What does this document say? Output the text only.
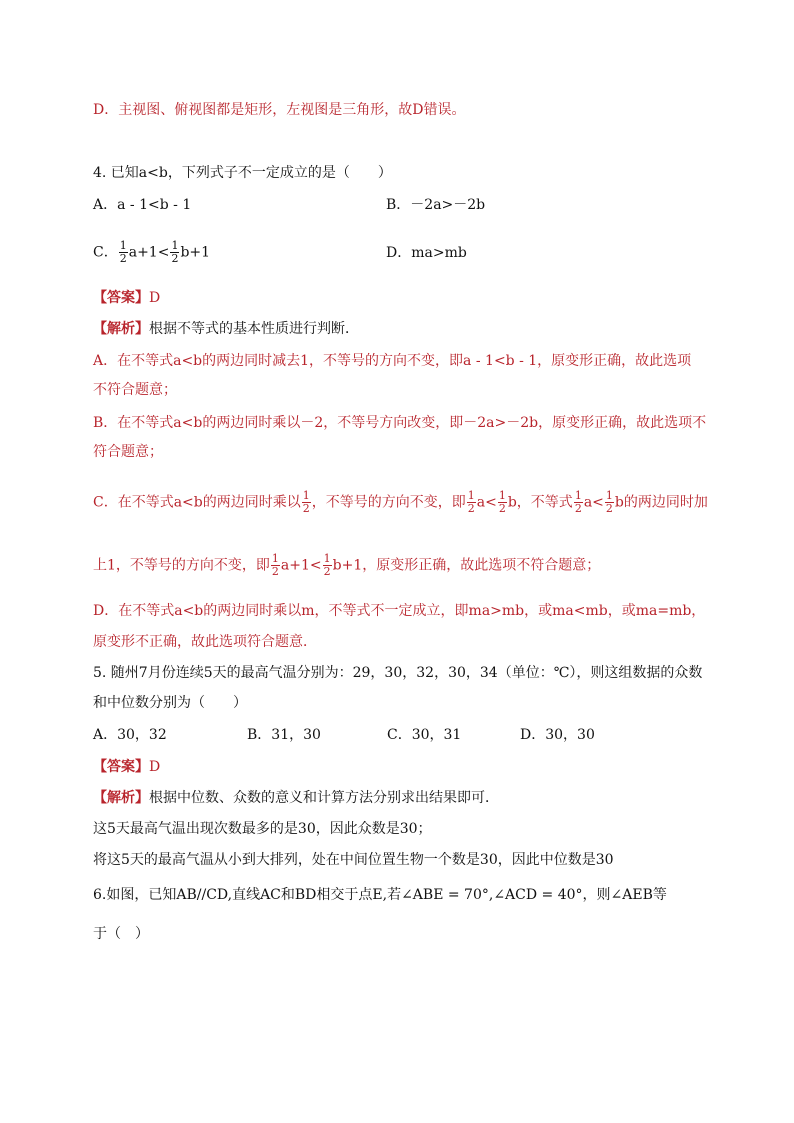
D．主视图、俯视图都是矩形，左视图是三角形，故D错误。
4. 已知a<b，下列式子不一定成立的是（　　）
A．a - 1<b - 1	B．－2a>－2b
C． $\frac{1}{2} a+1< \frac{1}{2} b+1$	D．ma>mb
【答案】D
【解析】根据不等式的基本性质进行判断．
A．在不等式a<b的两边同时减去1，不等号的方向不变，即a - 1<b - 1，原变形正确，故此选项
不符合题意；
B．在不等式a<b的两边同时乘以－2，不等号方向改变，即－2a>－2b，原变形正确，故此选项不
符合题意；
C．在不等式a<b的两边同时乘以 $\frac{1}{2}$ ，不等号的方向不变，即 $\frac{1}{2} a< \frac{1}{2}$ b，不等式 $\frac{1}{2} a< \frac{1}{2}$ b的两边同时加
上1，不等号的方向不变，即 $\frac{1}{2} a+1< \frac{1}{2} b+1$，原变形正确，故此选项不符合题意；
D．在不等式a<b的两边同时乘以m，不等式不一定成立，即ma>mb，或ma<mb，或ma=mb，
原变形不正确，故此选项符合题意．
5. 随州7月份连续5天的最高气温分别为：29，30，32，30，34（单位：℃），则这组数据的众数
和中位数分别为（　　）
A．30，32	B．31，30	C．30，31	D．30，30
【答案】D
【解析】根据中位数、众数的意义和计算方法分别求出结果即可．
这5天最高气温出现次数最多的是30，因此众数是30；
将这5天的最高气温从小到大排列，处在中间位置生物一个数是30，因此中位数是30
6.如图，已知AB//CD,直线AC和BD相交于点E,若∠ABE = 70°,∠ACD = 40°，则∠AEB等
于（　）
